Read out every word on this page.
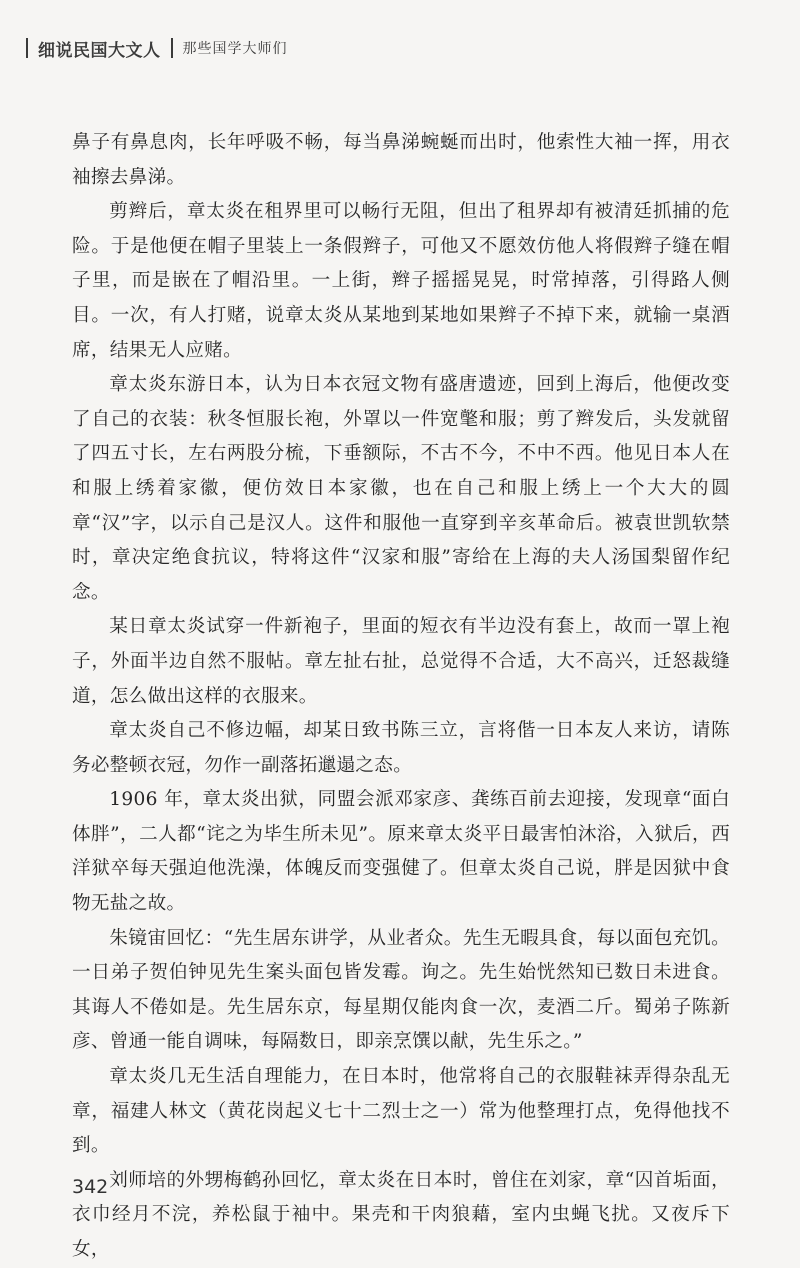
细说民国大文人 那些国学大师们

鼻子有鼻息肉，长年呼吸不畅，每当鼻涕蜿蜒而出时，他索性大袖一挥，用衣袖擦去鼻涕。

剪辫后，章太炎在租界里可以畅行无阻，但出了租界却有被清廷抓捕的危险。于是他便在帽子里装上一条假辫子，可他又不愿效仿他人将假辫子缝在帽子里，而是嵌在了帽沿里。一上街，辫子摇摇晃晃，时常掉落，引得路人侧目。一次，有人打赌，说章太炎从某地到某地如果辫子不掉下来，就输一桌酒席，结果无人应赌。

章太炎东游日本，认为日本衣冠文物有盛唐遗迹，回到上海后，他便改变了自己的衣装：秋冬恒服长袍，外罩以一件宽氅和服；剪了辫发后，头发就留了四五寸长，左右两股分梳，下垂额际，不古不今，不中不西。他见日本人在和服上绣着家徽，便仿效日本家徽，也在自己和服上绣上一个大大的圆章“汉”字，以示自己是汉人。这件和服他一直穿到辛亥革命后。被袁世凯软禁时，章决定绝食抗议，特将这件“汉家和服”寄给在上海的夫人汤国梨留作纪念。

某日章太炎试穿一件新袍子，里面的短衣有半边没有套上，故而一罩上袍子，外面半边自然不服帖。章左扯右扯，总觉得不合适，大不高兴，迁怒裁缝道，怎么做出这样的衣服来。

章太炎自己不修边幅，却某日致书陈三立，言将偕一日本友人来访，请陈务必整顿衣冠，勿作一副落拓邋遢之态。

1906 年，章太炎出狱，同盟会派邓家彦、龚练百前去迎接，发现章“面白体胖”，二人都“诧之为毕生所未见”。原来章太炎平日最害怕沐浴，入狱后，西洋狱卒每天强迫他洗澡，体魄反而变强健了。但章太炎自己说，胖是因狱中食物无盐之故。

朱镜宙回忆：“先生居东讲学，从业者众。先生无暇具食，每以面包充饥。一日弟子贺伯钟见先生案头面包皆发霉。询之。先生始恍然知已数日未进食。其诲人不倦如是。先生居东京，每星期仅能肉食一次，麦酒二斤。蜀弟子陈新彦、曾通一能自调味，每隔数日，即亲烹馔以献，先生乐之。”

章太炎几无生活自理能力，在日本时，他常将自己的衣服鞋袜弄得杂乱无章，福建人林文（黄花岗起义七十二烈士之一）常为他整理打点，免得他找不到。

刘师培的外甥梅鹤孙回忆，章太炎在日本时，曾住在刘家，章“囚首垢面，衣巾经月不浣，养松鼠于袖中。果壳和干肉狼藉，室内虫蝇飞扰。又夜斥下女，

342
